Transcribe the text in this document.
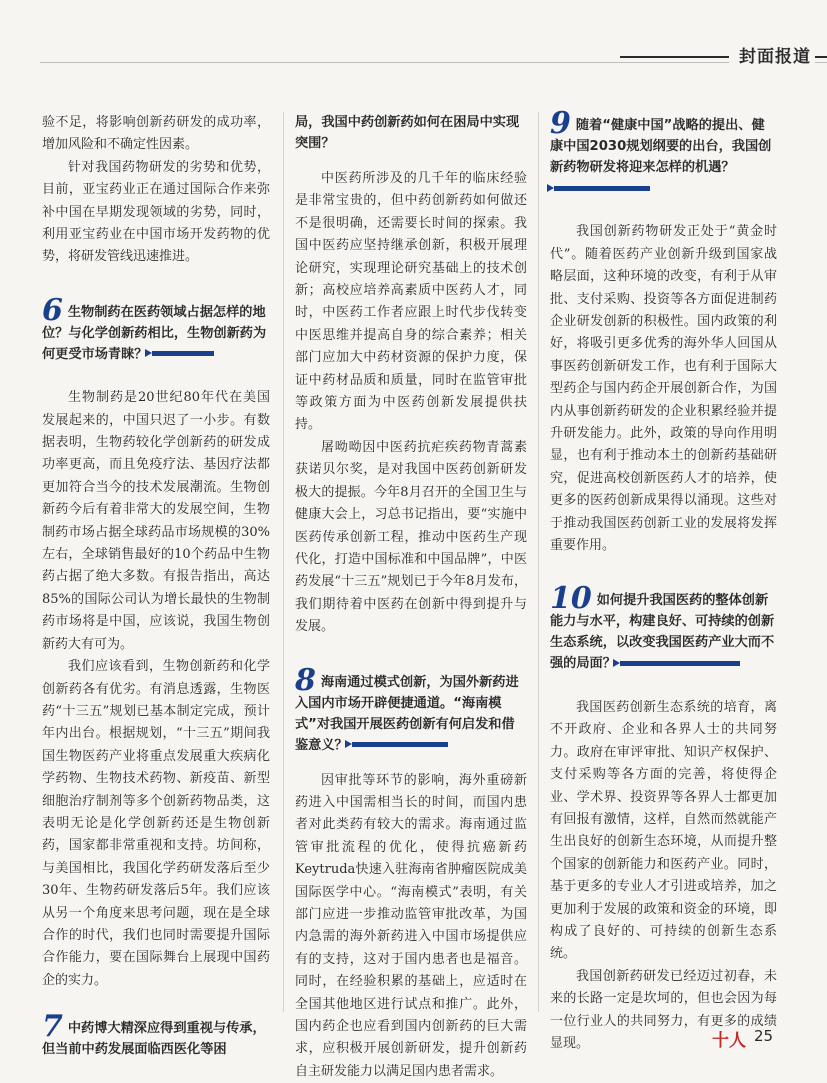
封面报道

验不足，将影响创新药研发的成功率，增加风险和不确定性因素。

针对我国药物研发的劣势和优势，目前，亚宝药业正在通过国际合作来弥补中国在早期发现领域的劣势，同时，利用亚宝药业在中国市场开发药物的优势，将研发管线迅速推进。

6 生物制药在医药领域占据怎样的地位？与化学创新药相比，生物创新药为何更受市场青睐？

生物制药是20世纪80年代在美国发展起来的，中国只迟了一小步。有数据表明，生物药较化学创新药的研发成功率更高，而且免疫疗法、基因疗法都更加符合当今的技术发展潮流。生物创新药今后有着非常大的发展空间，生物制药市场占据全球药品市场规模的30%左右，全球销售最好的10个药品中生物药占据了绝大多数。有报告指出，高达85%的国际公司认为增长最快的生物制药市场将是中国，应该说，我国生物创新药大有可为。

我们应该看到，生物创新药和化学创新药各有优劣。有消息透露，生物医药“十三五”规划已基本制定完成，预计年内出台。根据规划，“十三五”期间我国生物医药产业将重点发展重大疾病化学药物、生物技术药物、新疫苗、新型细胞治疗制剂等多个创新药物品类，这表明无论是化学创新药还是生物创新药，国家都非常重视和支持。坊间称，与美国相比，我国化学药研发落后至少30年、生物药研发落后5年。我们应该从另一个角度来思考问题，现在是全球合作的时代，我们也同时需要提升国际合作能力，要在国际舞台上展现中国药企的实力。

7 中药博大精深应得到重视与传承，但当前中药发展面临西医化等困
局，我国中药创新药如何在困局中实现突围？

中医药所涉及的几千年的临床经验是非常宝贵的，但中药创新药如何做还不是很明确，还需要长时间的探索。我国中医药应坚持继承创新，积极开展理论研究，实现理论研究基础上的技术创新；高校应培养高素质中医药人才，同时，中医药工作者应跟上时代步伐转变中医思维并提高自身的综合素养；相关部门应加大中药材资源的保护力度，保证中药材品质和质量，同时在监管审批等政策方面为中医药创新发展提供扶持。

屠呦呦因中医药抗疟疾药物青蒿素获诺贝尔奖，是对我国中医药创新研发极大的提振。今年8月召开的全国卫生与健康大会上，习总书记指出，要“实施中医药传承创新工程，推动中医药生产现代化，打造中国标准和中国品牌”，中医药发展“十三五”规划已于今年8月发布，我们期待着中医药在创新中得到提升与发展。

8 海南通过模式创新，为国外新药进入国内市场开辟便捷通道。“海南模式”对我国开展医药创新有何启发和借鉴意义？

因审批等环节的影响，海外重磅新药进入中国需相当长的时间，而国内患者对此类药有较大的需求。海南通过监管审批流程的优化，使得抗癌新药Keytruda快速入驻海南省肿瘤医院成美国际医学中心。“海南模式”表明，有关部门应进一步推动监管审批改革，为国内急需的海外新药进入中国市场提供应有的支持，这对于国内患者也是福音。同时，在经验积累的基础上，应适时在全国其他地区进行试点和推广。此外，国内药企也应看到国内创新药的巨大需求，应积极开展创新研发，提升创新药自主研发能力以满足国内患者需求。

9 随着“健康中国”战略的提出、健康中国2030规划纲要的出台，我国创新药物研发将迎来怎样的机遇？

我国创新药物研发正处于“黄金时代”。随着医药产业创新升级到国家战略层面，这种环境的改变，有利于从审批、支付采购、投资等各方面促进制药企业研发创新的积极性。国内政策的利好，将吸引更多优秀的海外华人回国从事医药创新研发工作，也有利于国际大型药企与国内药企开展创新合作，为国内从事创新药研发的企业积累经验并提升研发能力。此外，政策的导向作用明显，也有利于推动本土的创新药基础研究，促进高校创新医药人才的培养，使更多的医药创新成果得以涌现。这些对于推动我国医药创新工业的发展将发挥重要作用。

10 如何提升我国医药的整体创新能力与水平，构建良好、可持续的创新生态系统，以改变我国医药产业大而不强的局面？

我国医药创新生态系统的培育，离不开政府、企业和各界人士的共同努力。政府在审评审批、知识产权保护、支付采购等各方面的完善，将使得企业、学术界、投资界等各界人士都更加有回报有激情，这样，自然而然就能产生出良好的创新生态环境，从而提升整个国家的创新能力和医药产业。同时，基于更多的专业人才引进或培养，加之更加利于发展的政策和资金的环境，即构成了良好的、可持续的创新生态系统。

我国创新药研发已经迈过初春，未来的长路一定是坎坷的，但也会因为每一位行业人的共同努力，有更多的成绩显现。	十人 25
